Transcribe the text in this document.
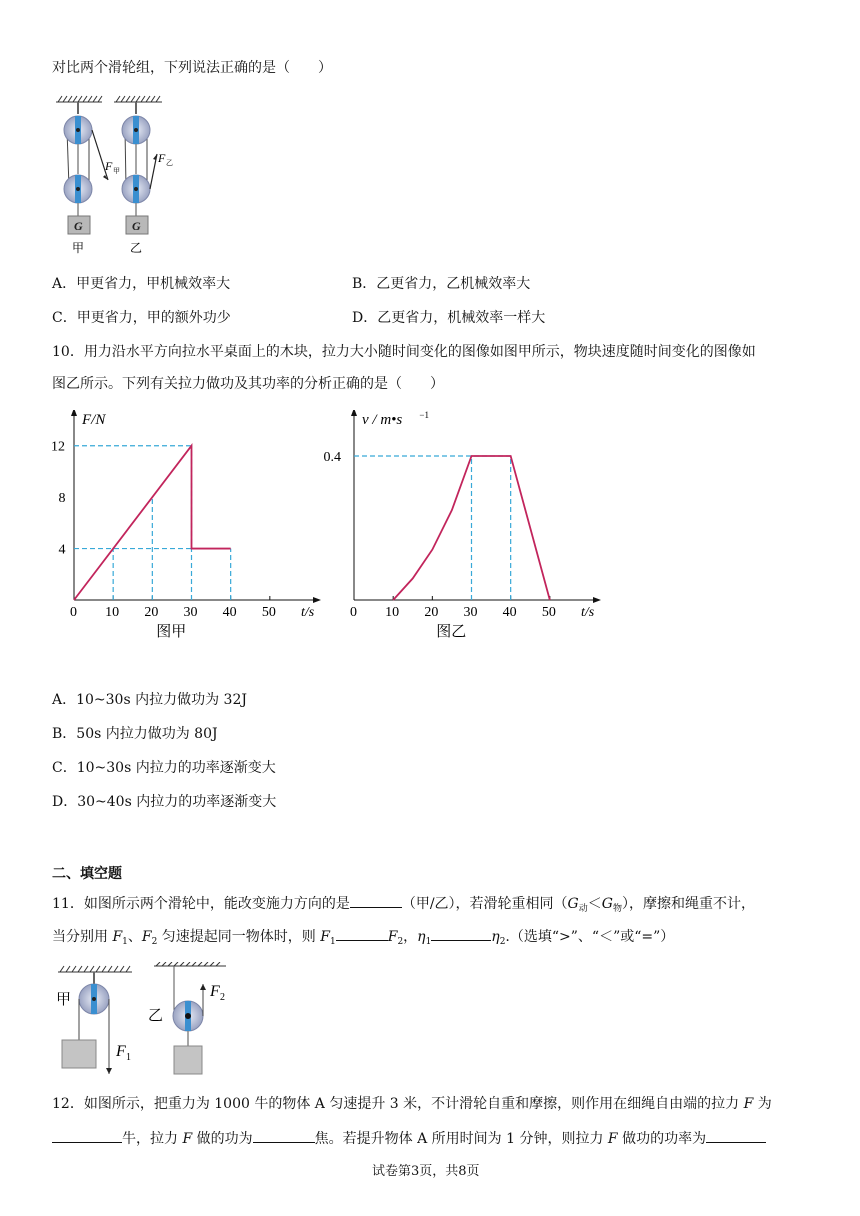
对比两个滑轮组，下列说法正确的是（　　）
F 甲
G
甲
F 乙
G
乙
A．甲更省力，甲机械效率大	B．乙更省力，乙机械效率大
C．甲更省力，甲的额外功少	D．乙更省力，机械效率一样大
10．用力沿水平方向拉水平桌面上的木块，拉力大小随时间变化的图像如图甲所示，物块速度随时间变化的图像如
图乙所示。下列有关拉力做功及其功率的分析正确的是（　　）
F/N
t/s
0 10 20 30 40 50
4
8
12
图甲
v / m•s −1
t/s
0 10 20 30 40 50
0.4
图乙
A．10~30s 内拉力做功为 32J
B．50s 内拉力做功为 80J
C．10~30s 内拉力的功率逐渐变大
D．30~40s 内拉力的功率逐渐变大
二、填空题
11．如图所示两个滑轮中，能改变施力方向的是	（甲/乙），若滑轮重相同$(G_动<G_物)$，摩擦和绳重不计，
当分别用 $F_1$、$F_2$ 匀速提起同一物体时，则 $F_1$	$F_2$，$\eta_1$	$\eta_2$.（选填“>”、“＜”或“=”）
甲
F 1
乙
F 2
12．如图所示，把重力为 1000 牛的物体 A 匀速提升 3 米，不计滑轮自重和摩擦，则作用在细绳自由端的拉力 F 为
牛，拉力 F 做的功为	焦。若提升物体 A 所用时间为 1 分钟，则拉力 F 做功的功率为
试卷第3页，共8页
